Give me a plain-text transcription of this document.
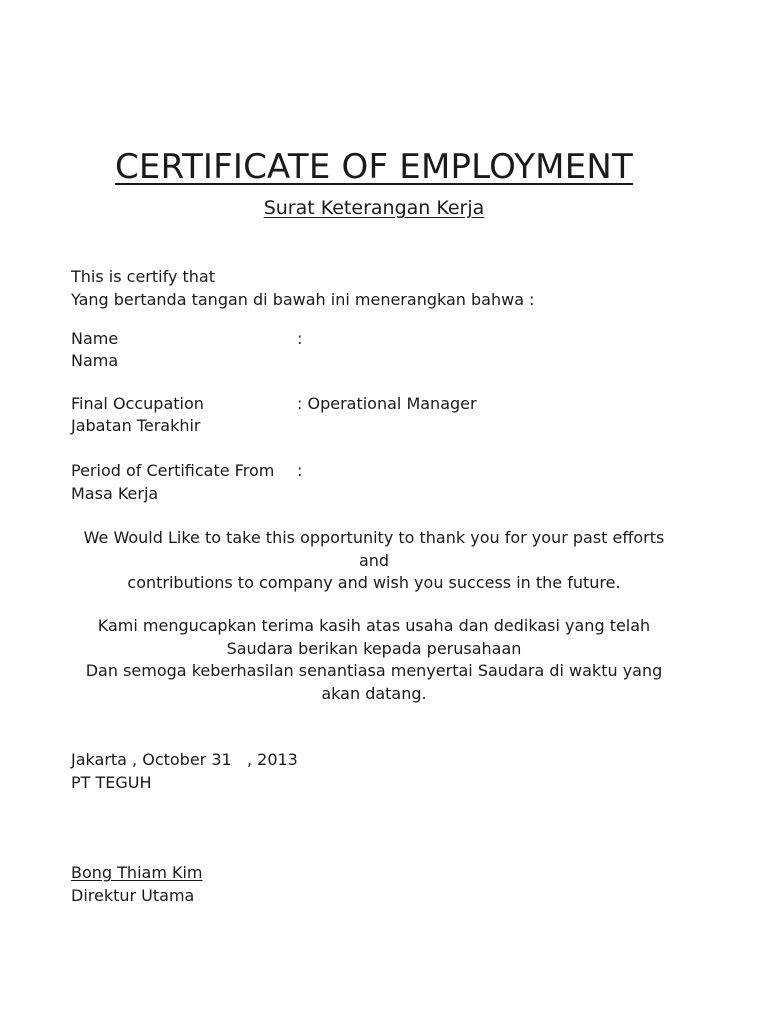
CERTIFICATE OF EMPLOYMENT
Surat Keterangan Kerja
This is certify that
Yang bertanda tangan di bawah ini menerangkan bahwa :
Name	:
Nama
Final Occupation	: Operational Manager
Jabatan Terakhir
Period of Certificate From :
Masa Kerja
We Would Like to take this opportunity to thank you for your past efforts
and
contributions to company and wish you success in the future.
Kami mengucapkan terima kasih atas usaha dan dedikasi yang telah
Saudara berikan kepada perusahaan
Dan semoga keberhasilan senantiasa menyertai Saudara di waktu yang
akan datang.
Jakarta , October 31   , 2013
PT TEGUH
Bong Thiam Kim
Direktur Utama
